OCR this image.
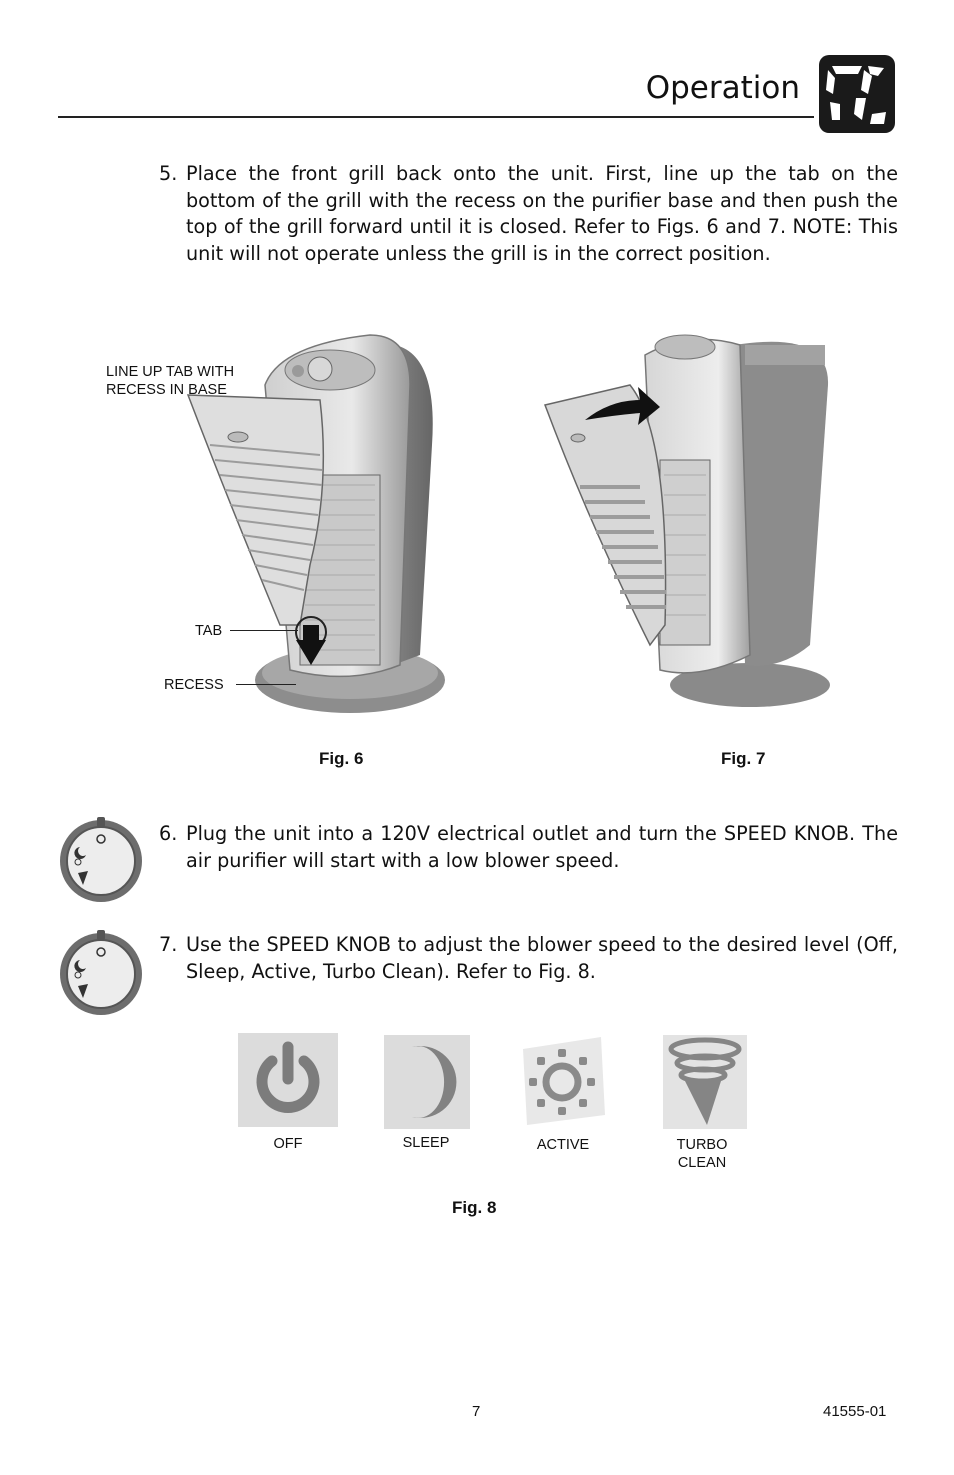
Operation
5. Place the front grill back onto the unit. First, line up the tab on the bottom of the grill with the recess on the purifier base and then push the top of the grill forward until it is closed. Refer to Figs. 6 and 7. NOTE: This unit will not operate unless the grill is in the correct position.
LINE UP TAB WITH
RECESS IN BASE
TAB
RECESS
Fig. 6	Fig. 7
6. Plug the unit into a 120V electrical outlet and turn the SPEED KNOB. The air purifier will start with a low blower speed.
7. Use the SPEED KNOB to adjust the blower speed to the desired level (Off, Sleep, Active, Turbo Clean). Refer to Fig. 8.
OFF	SLEEP	ACTIVE	TURBO
CLEAN
Fig. 8
7	41555-01
